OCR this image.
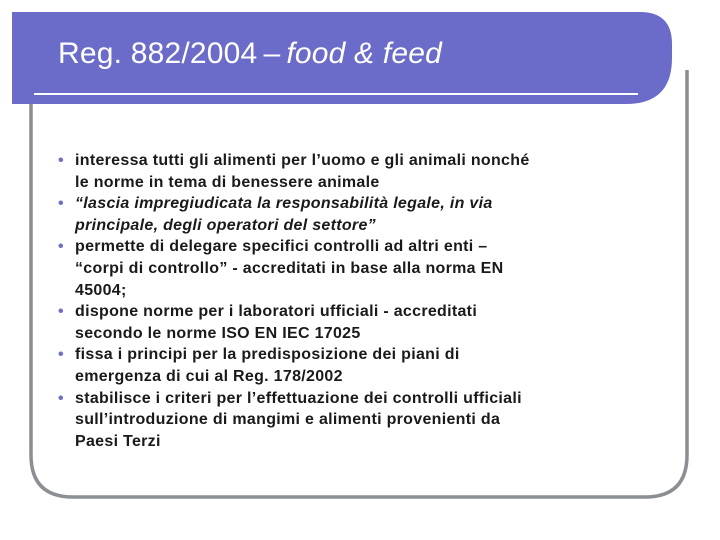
Reg. 882/2004 – food & feed
• interessa tutti gli alimenti per l’uomo e gli animali nonché
le norme in tema di benessere animale
• “lascia impregiudicata la responsabilità legale, in via
principale, degli operatori del settore”
• permette di delegare specifici controlli ad altri enti –
“corpi di controllo” - accreditati in base alla norma EN
45004;
• dispone norme per i laboratori ufficiali - accreditati
secondo le norme ISO EN IEC 17025
• fissa i principi per la predisposizione dei piani di
emergenza di cui al Reg. 178/2002
• stabilisce i criteri per l’effettuazione dei controlli ufficiali
sull’introduzione di mangimi e alimenti provenienti da
Paesi Terzi
